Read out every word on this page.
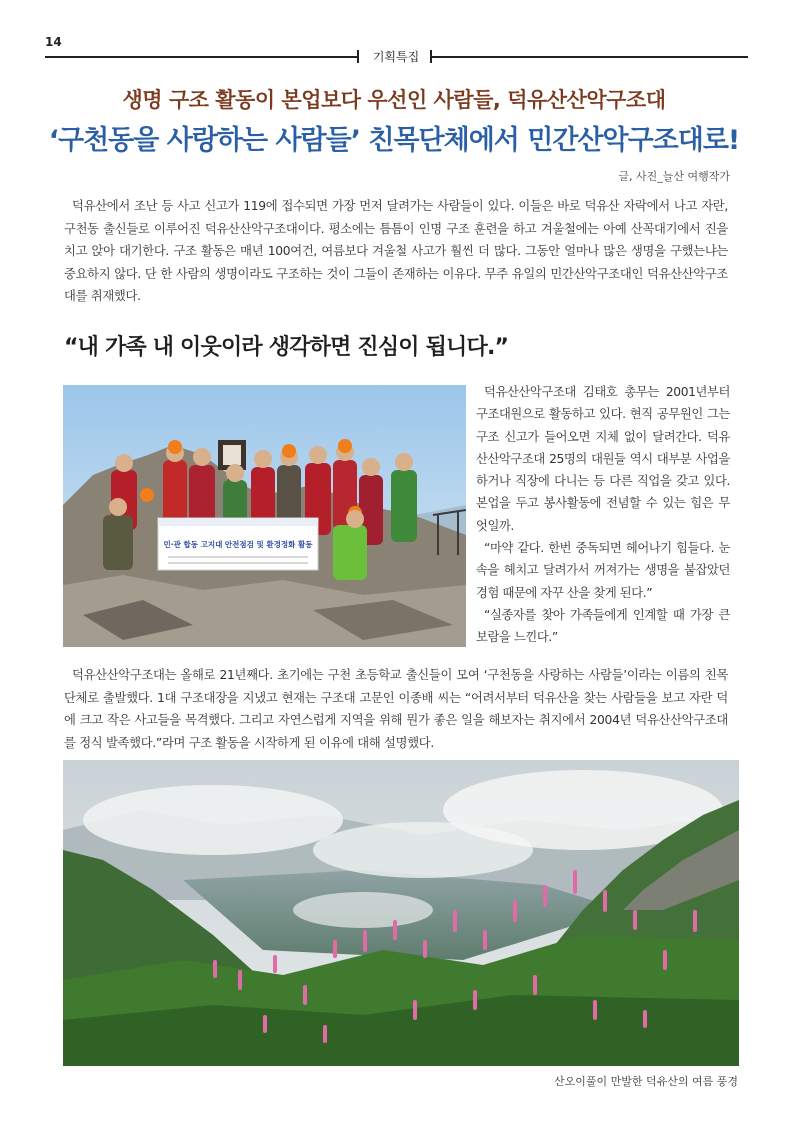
14
기획특집
생명 구조 활동이 본업보다 우선인 사람들, 덕유산산악구조대
‘구천동을 사랑하는 사람들’ 친목단체에서 민간산악구조대로!
글, 사진_늘산 여행작가
덕유산에서 조난 등 사고 신고가 119에 접수되면 가장 먼저 달려가는 사람들이 있다. 이들은 바로 덕유산 자락에서 나고 자란, 구천동 출신들로 이루어진 덕유산산악구조대이다. 평소에는 틈틈이 인명 구조 훈련을 하고 겨울철에는 아예 산꼭대기에서 진을 치고 앉아 대기한다. 구조 활동은 매년 100여건, 여름보다 겨울철 사고가 훨씬 더 많다. 그동안 얼마나 많은 생명을 구했는냐는 중요하지 않다. 단 한 사람의 생명이라도 구조하는 것이 그들이 존재하는 이유다. 무주 유일의 민간산악구조대인 덕유산산악구조대를 취재했다.
“내 가족 내 이웃이라 생각하면 진심이 됩니다.”
민·관 합동 고지대 안전점검 및 환경정화 활동

덕유산산악구조대 김태호 총무는 2001년부터 구조대원으로 활동하고 있다. 현직 공무원인 그는 구조 신고가 들어오면 지체 없이 달려간다. 덕유산산악구조대 25명의 대원들 역시 대부분 사업을 하거나 직장에 다니는 등 다른 직업을 갖고 있다. 본업을 두고 봉사활동에 전념할 수 있는 힘은 무엇일까.

“마약 같다. 한번 중독되면 헤어나기 힘들다. 눈속을 헤치고 달려가서 꺼져가는 생명을 붙잡았던 경험 때문에 자꾸 산을 찾게 된다.”

“실종자를 찾아 가족들에게 인계할 때 가장 큰 보람을 느낀다.”

덕유산산악구조대는 올해로 21년째다. 초기에는 구천 초등학교 출신들이 모여 ‘구천동을 사랑하는 사람들’이라는 이름의 친목단체로 출발했다. 1대 구조대장을 지냈고 현재는 구조대 고문인 이종배 씨는 “어려서부터 덕유산을 찾는 사람들을 보고 자란 덕에 크고 작은 사고들을 목격했다. 그리고 자연스럽게 지역을 위해 뭔가 좋은 일을 해보자는 취지에서 2004년 덕유산산악구조대를 정식 발족했다.”라며 구조 활동을 시작하게 된 이유에 대해 설명했다.
산오이풀이 만발한 덕유산의 여름 풍경
